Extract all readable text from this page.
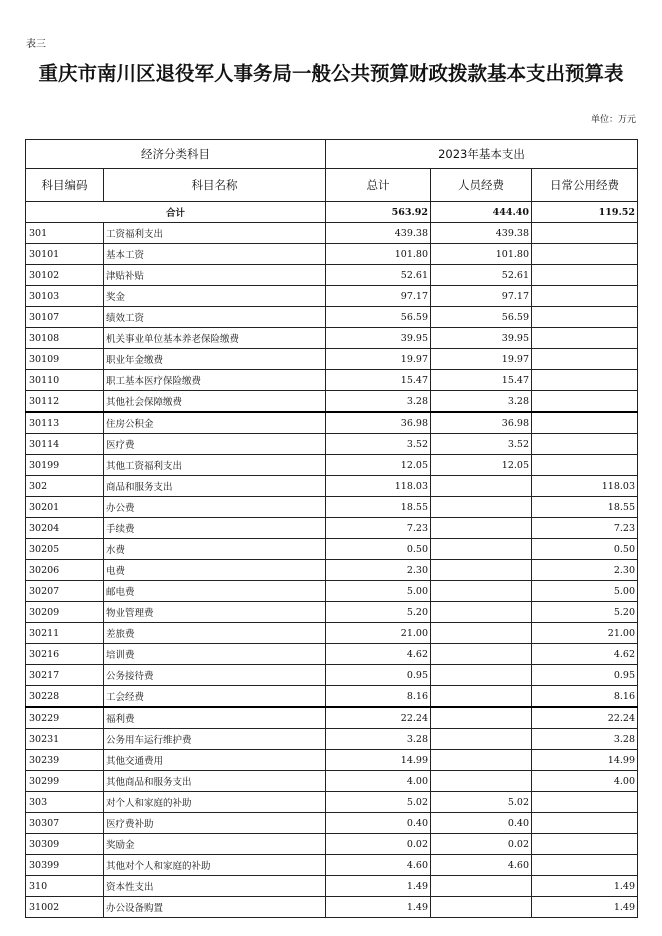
表三
重庆市南川区退役军人事务局一般公共预算财政拨款基本支出预算表
单位：万元
经济分类科目		2023年基本支出		
科目编码	科目名称	总计	人员经费	日常公用经费
合计		563.92	444.40	119.52
301	工资福利支出	439.38	439.38	
30101	基本工资	101.80	101.80	
30102	津贴补贴	52.61	52.61	
30103	奖金	97.17	97.17	
30107	绩效工资	56.59	56.59	
30108	机关事业单位基本养老保险缴费	39.95	39.95	
30109	职业年金缴费	19.97	19.97	
30110	职工基本医疗保险缴费	15.47	15.47	
30112	其他社会保障缴费	3.28	3.28	
30113	住房公积金	36.98	36.98	
30114	医疗费	3.52	3.52	
30199	其他工资福利支出	12.05	12.05	
302	商品和服务支出	118.03		118.03
30201	办公费	18.55		18.55
30204	手续费	7.23		7.23
30205	水费	0.50		0.50
30206	电费	2.30		2.30
30207	邮电费	5.00		5.00
30209	物业管理费	5.20		5.20
30211	差旅费	21.00		21.00
30216	培训费	4.62		4.62
30217	公务接待费	0.95		0.95
30228	工会经费	8.16		8.16
30229	福利费	22.24		22.24
30231	公务用车运行维护费	3.28		3.28
30239	其他交通费用	14.99		14.99
30299	其他商品和服务支出	4.00		4.00
303	对个人和家庭的补助	5.02	5.02	
30307	医疗费补助	0.40	0.40	
30309	奖励金	0.02	0.02	
30399	其他对个人和家庭的补助	4.60	4.60	
310	资本性支出	1.49		1.49
31002	办公设备购置	1.49		1.49
